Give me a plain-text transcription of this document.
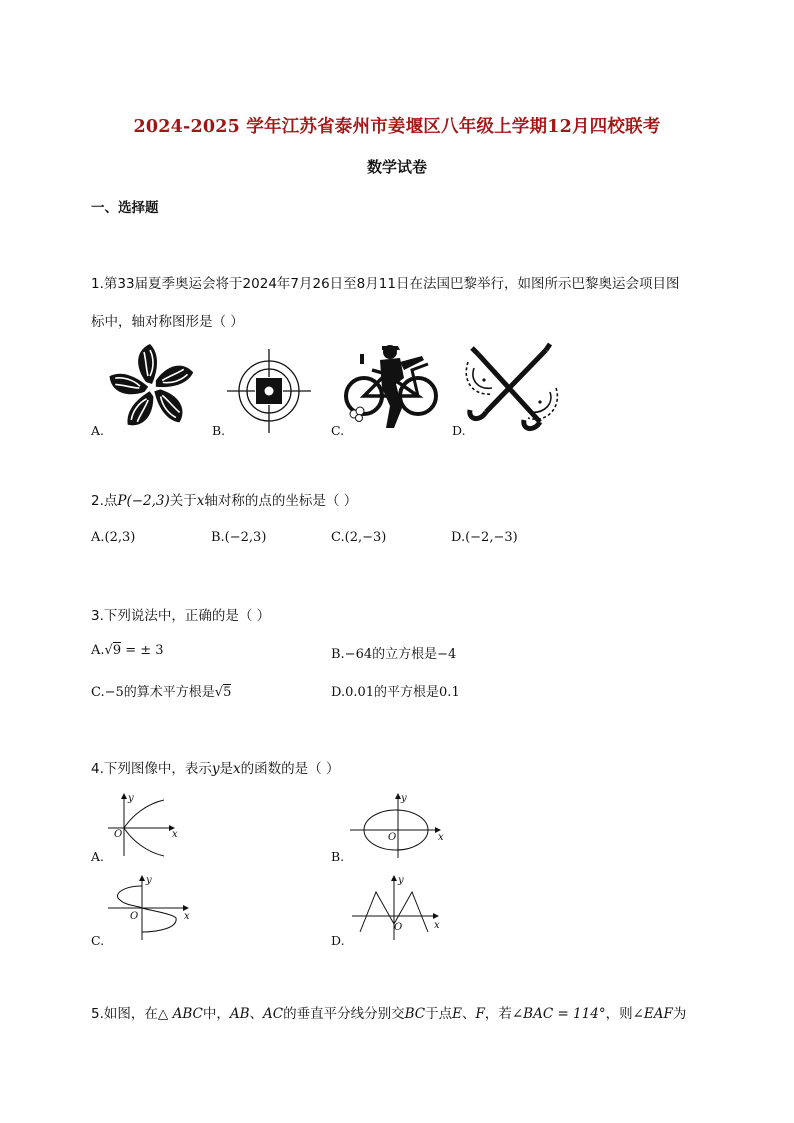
2024-2025 学年江苏省泰州市姜堰区八年级上学期12月四校联考
数学试卷
一、选择题
1.第33届夏季奥运会将于2024年7月26日至8月11日在法国巴黎举行，如图所示巴黎奥运会项目图
标中，轴对称图形是（ ）
A.	B.	C.	D.
2.点P(−2,3)关于x轴对称的点的坐标是（ ）
A.(2,3)	B.(−2,3)	C.(2,−3)	D.(−2,−3)
3.下列说法中，正确的是（ ）
A.√9 = ± 3	B.−64的立方根是−4
C.−5的算术平方根是√5	D.0.01的平方根是0.1
4.下列图像中，表示y是x的函数的是（ ）
x
y
O
A.
x
y
O
B.
x
y
O
C.
x
y
O
D.
5.如图，在△ ABC中，AB、AC的垂直平分线分别交BC于点E、F，若∠BAC = 114°，则∠EAF为
